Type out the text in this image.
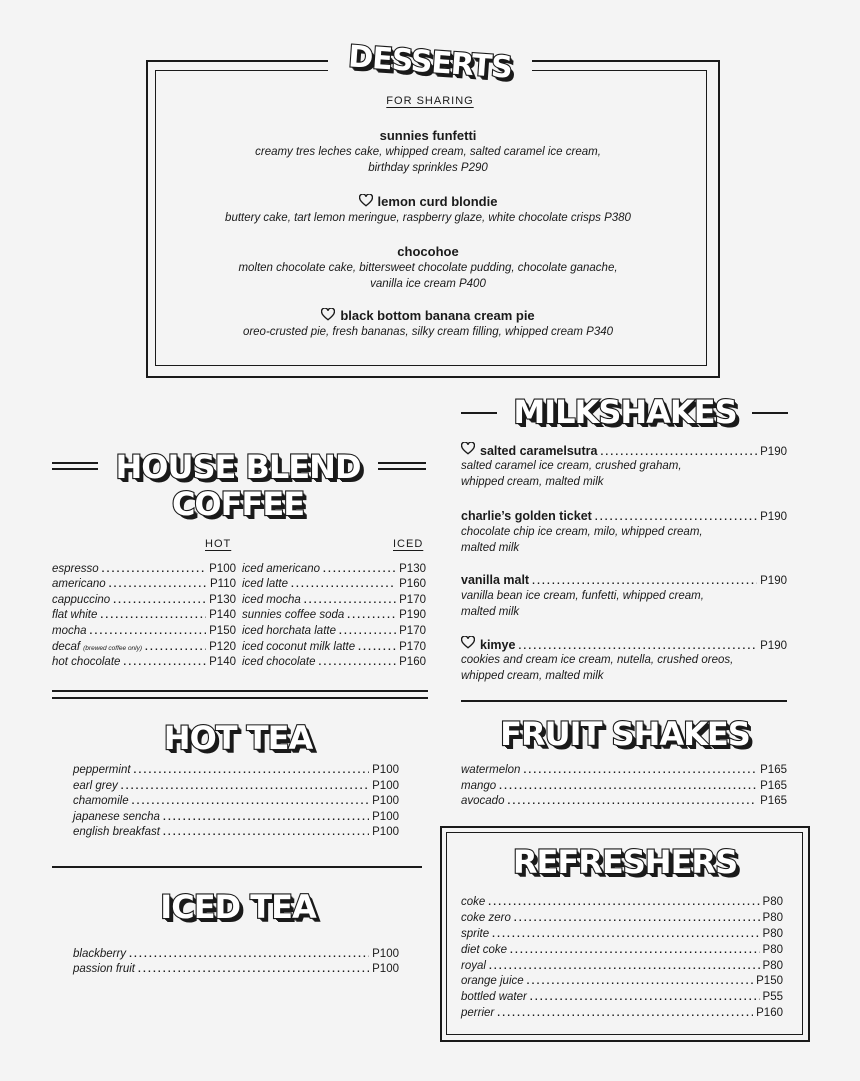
DESSERTS
FOR SHARING
sunnies funfetti
creamy tres leches cake, whipped cream, salted caramel ice cream,
birthday sprinkles P290
lemon curd blondie
buttery cake, tart lemon meringue, raspberry glaze, white chocolate crisps P380
chocohoe
molten chocolate cake, bittersweet chocolate pudding, chocolate ganache,
vanilla ice cream P400
black bottom banana cream pie
oreo-crusted pie, fresh bananas, silky cream filling, whipped cream P340
HOUSE BLEND
COFFEE
HOT	ICED
espresso .....	P100
americano .....	P110
cappuccino .....	P130
flat white .....	P140
mocha .....	P150
decaf (brewed coffee only) .....	P120
hot chocolate .....	P140
iced americano .....	P130
iced latte .....	P160
iced mocha .....	P170
sunnies coffee soda .....	P190
iced horchata latte .....	P170
iced coconut milk latte .....	P170
iced chocolate .....	P160
HOT TEA
peppermint .....	P100
earl grey .....	P100
chamomile .....	P100
japanese sencha .....	P100
english breakfast .....	P100
ICED TEA
blackberry .....	P100
passion fruit .....	P100
MILKSHAKES
salted caramelsutra .....	P190
salted caramel ice cream, crushed graham,
whipped cream, malted milk
charlie’s golden ticket .....	P190
chocolate chip ice cream, milo, whipped cream,
malted milk
vanilla malt .....	P190
vanilla bean ice cream, funfetti, whipped cream,
malted milk
kimye .....	P190
cookies and cream ice cream, nutella, crushed oreos,
whipped cream, malted milk
FRUIT SHAKES
watermelon .....	P165
mango .....	P165
avocado .....	P165
REFRESHERS
coke .....	P80
coke zero .....	P80
sprite .....	P80
diet coke .....	P80
royal .....	P80
orange juice .....	P150
bottled water .....	P55
perrier .....	P160
